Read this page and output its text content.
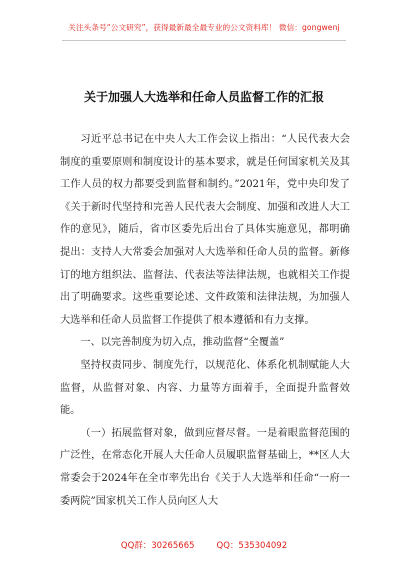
关注头条号“公文研究”，获得最新最全最专业的公文资料库！ 微信：gongwenj
关于加强人大选举和任命人员监督工作的汇报

习近平总书记在中央人大工作会议上指出：“人民代表大会制度的重要原则和制度设计的基本要求，就是任何国家机关及其工作人员的权力都要受到监督和制约。”2021年，党中央印发了《关于新时代坚持和完善人民代表大会制度、加强和改进人大工作的意见》，随后，省市区委先后出台了具体实施意见，都明确提出：支持人大常委会加强对人大选举和任命人员的监督。新修订的地方组织法、监督法、代表法等法律法规，也就相关工作提出了明确要求。这些重要论述、文件政策和法律法规，为加强人大选举和任命人员监督工作提供了根本遵循和有力支撑。

一、以完善制度为切入点，推动监督“全覆盖”

坚持权责同步、制度先行，以规范化、体系化机制赋能人大监督，从监督对象、内容、力量等方面着手，全面提升监督效能。

（一）拓展监督对象，做到应督尽督。一是着眼监督范围的广泛性，在常态化开展人大任命人员履职监督基础上，**区人大常委会于2024年在全市率先出台《关于人大选举和任命“一府一委两院”国家机关工作人员向区人大

QQ群：30265665	QQ：535304092
